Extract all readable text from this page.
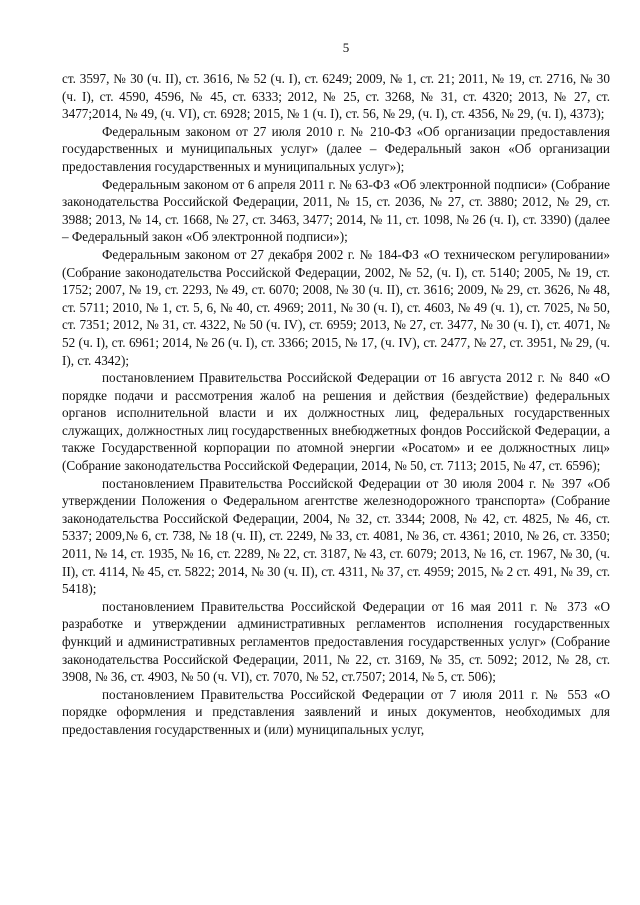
5

ст. 3597, № 30 (ч. II), ст. 3616, № 52 (ч. I), ст. 6249; 2009, № 1, ст. 21; 2011, № 19, ст. 2716, № 30 (ч. I), ст. 4590, 4596, № 45, ст. 6333; 2012, № 25, ст. 3268, № 31, ст. 4320; 2013, № 27, ст. 3477;2014, № 49, (ч. VI), ст. 6928; 2015, № 1 (ч. I), ст. 56, № 29, (ч. I), ст. 4356, № 29, (ч. I), 4373);

Федеральным законом от 27 июля 2010 г. № 210-ФЗ «Об организации предоставления государственных и муниципальных услуг» (далее – Федеральный закон «Об организации предоставления государственных и муниципальных услуг»);

Федеральным законом от 6 апреля 2011 г. № 63-ФЗ «Об электронной подписи» (Собрание законодательства Российской Федерации, 2011, № 15, ст. 2036, № 27, ст. 3880; 2012, № 29, ст. 3988; 2013, № 14, ст. 1668, № 27, ст. 3463, 3477; 2014, № 11, ст. 1098, № 26 (ч. I), ст. 3390) (далее – Федеральный закон «Об электронной подписи»);

Федеральным законом от 27 декабря 2002 г. № 184-ФЗ «О техническом регулировании» (Собрание законодательства Российской Федерации, 2002, № 52, (ч. I), ст. 5140; 2005, № 19, ст. 1752; 2007, № 19, ст. 2293, № 49, ст. 6070; 2008, № 30 (ч. II), ст. 3616; 2009, № 29, ст. 3626, № 48, ст. 5711; 2010, № 1, ст. 5, 6, № 40, ст. 4969; 2011, № 30 (ч. I), ст. 4603, № 49 (ч. 1), ст. 7025, № 50, ст. 7351; 2012, № 31, ст. 4322, № 50 (ч. IV), ст. 6959; 2013, № 27, ст. 3477, № 30 (ч. I), ст. 4071, № 52 (ч. I), ст. 6961; 2014, № 26 (ч. I), ст. 3366; 2015, № 17, (ч. IV), ст. 2477, № 27, ст. 3951, № 29, (ч. I), ст. 4342);

постановлением Правительства Российской Федерации от 16 августа 2012 г. № 840 «О порядке подачи и рассмотрения жалоб на решения и действия (бездействие) федеральных органов исполнительной власти и их должностных лиц, федеральных государственных служащих, должностных лиц государственных внебюджетных фондов Российской Федерации, а также Государственной корпорации по атомной энергии «Росатом» и ее должностных лиц» (Собрание законодательства Российской Федерации, 2014, № 50, ст. 7113; 2015, № 47, ст. 6596);

постановлением Правительства Российской Федерации от 30 июля 2004 г. № 397 «Об утверждении Положения о Федеральном агентстве железнодорожного транспорта» (Собрание законодательства Российской Федерации, 2004, № 32, ст. 3344; 2008, № 42, ст. 4825, № 46, ст. 5337; 2009,№ 6, ст. 738, № 18 (ч. II), ст. 2249, № 33, ст. 4081, № 36, ст. 4361; 2010, № 26, ст. 3350; 2011, № 14, ст. 1935, № 16, ст. 2289, № 22, ст. 3187, № 43, ст. 6079; 2013, № 16, ст. 1967, № 30, (ч. II), ст. 4114, № 45, ст. 5822; 2014, № 30 (ч. II), ст. 4311, № 37, ст. 4959; 2015, № 2 ст. 491, № 39, ст. 5418);

постановлением Правительства Российской Федерации от 16 мая 2011 г. № 373 «О разработке и утверждении административных регламентов исполнения государственных функций и административных регламентов предоставления государственных услуг» (Собрание законодательства Российской Федерации, 2011, № 22, ст. 3169, № 35, ст. 5092; 2012, № 28, ст. 3908, № 36, ст. 4903, № 50 (ч. VI), ст. 7070, № 52, ст.7507; 2014, № 5, ст. 506);

постановлением Правительства Российской Федерации от 7 июля 2011 г. № 553 «О порядке оформления и представления заявлений и иных документов, необходимых для предоставления государственных и (или) муниципальных услуг,
